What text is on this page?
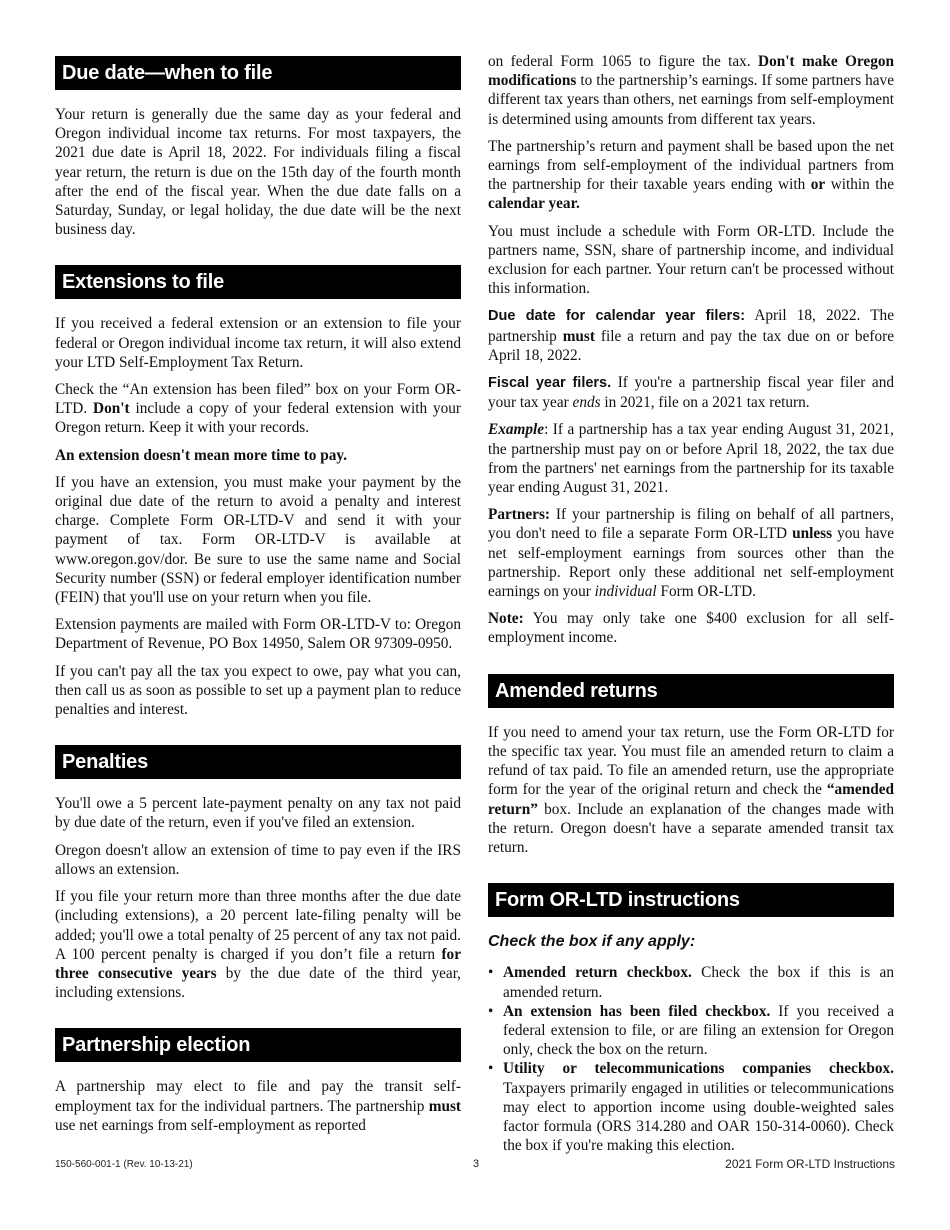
Due date—when to file

Your return is generally due the same day as your federal and Oregon individual income tax returns. For most taxpayers, the 2021 due date is April 18, 2022. For individuals filing a fiscal year return, the return is due on the 15th day of the fourth month after the end of the fiscal year. When the due date falls on a Saturday, Sunday, or legal holiday, the due date will be the next business day.

Extensions to file

If you received a federal extension or an extension to file your federal or Oregon individual income tax return, it will also extend your LTD Self-Employment Tax Return.

Check the “An extension has been filed” box on your Form OR-LTD. Don't include a copy of your federal extension with your Oregon return. Keep it with your records.

An extension doesn't mean more time to pay.

If you have an extension, you must make your payment by the original due date of the return to avoid a penalty and interest charge. Complete Form OR-LTD-V and send it with your payment of tax. Form OR-LTD-V is available at www.oregon.gov/dor. Be sure to use the same name and Social Security number (SSN) or federal employer identification number (FEIN) that you'll use on your return when you file.

Extension payments are mailed with Form OR-LTD-V to: Oregon Department of Revenue, PO Box 14950, Salem OR 97309-0950.

If you can't pay all the tax you expect to owe, pay what you can, then call us as soon as possible to set up a payment plan to reduce penalties and interest.

Penalties

You'll owe a 5 percent late-payment penalty on any tax not paid by due date of the return, even if you've filed an extension.

Oregon doesn't allow an extension of time to pay even if the IRS allows an extension.

If you file your return more than three months after the due date (including extensions), a 20 percent late-filing penalty will be added; you'll owe a total penalty of 25 percent of any tax not paid. A 100 percent penalty is charged if you don’t file a return for three consecutive years by the due date of the third year, including extensions.

Partnership election

A partnership may elect to file and pay the transit self-employment tax for the individual partners. The partnership must use net earnings from self-employment as reported

on federal Form 1065 to figure the tax. Don't make Oregon modifications to the partnership’s earnings. If some partners have different tax years than others, net earnings from self-employment is determined using amounts from different tax years.

The partnership’s return and payment shall be based upon the net earnings from self-employment of the individual partners from the partnership for their taxable years ending with or within the calendar year.

You must include a schedule with Form OR-LTD. Include the partners name, SSN, share of partnership income, and individual exclusion for each partner. Your return can't be processed without this information.

Due date for calendar year filers: April 18, 2022. The partnership must file a return and pay the tax due on or before April 18, 2022.

Fiscal year filers. If you're a partnership fiscal year filer and your tax year ends in 2021, file on a 2021 tax return.

Example: If a partnership has a tax year ending August 31, 2021, the partnership must pay on or before April 18, 2022, the tax due from the partners' net earnings from the partnership for its taxable year ending August 31, 2021.

Partners: If your partnership is filing on behalf of all partners, you don't need to file a separate Form OR-LTD unless you have net self-employment earnings from sources other than the partnership. Report only these additional net self-employment earnings on your individual Form OR-LTD.

Note: You may only take one $400 exclusion for all self-employment income.

Amended returns

If you need to amend your tax return, use the Form OR-LTD for the specific tax year. You must file an amended return to claim a refund of tax paid. To file an amended return, use the appropriate form for the year of the original return and check the “amended return” box. Include an explanation of the changes made with the return. Oregon doesn't have a separate amended transit tax return.

Form OR-LTD instructions
Check the box if any apply:
• Amended return checkbox. Check the box if this is an amended return.
• An extension has been filed checkbox. If you received a federal extension to file, or are filing an extension for Oregon only, check the box on the return.
• Utility or telecommunications companies checkbox. Taxpayers primarily engaged in utilities or telecommunications may elect to apportion income using double-weighted sales factor formula (ORS 314.280 and OAR 150-314-0060). Check the box if you're making this election.
150-560-001-1 (Rev. 10-13-21)	3	2021 Form OR-LTD Instructions
